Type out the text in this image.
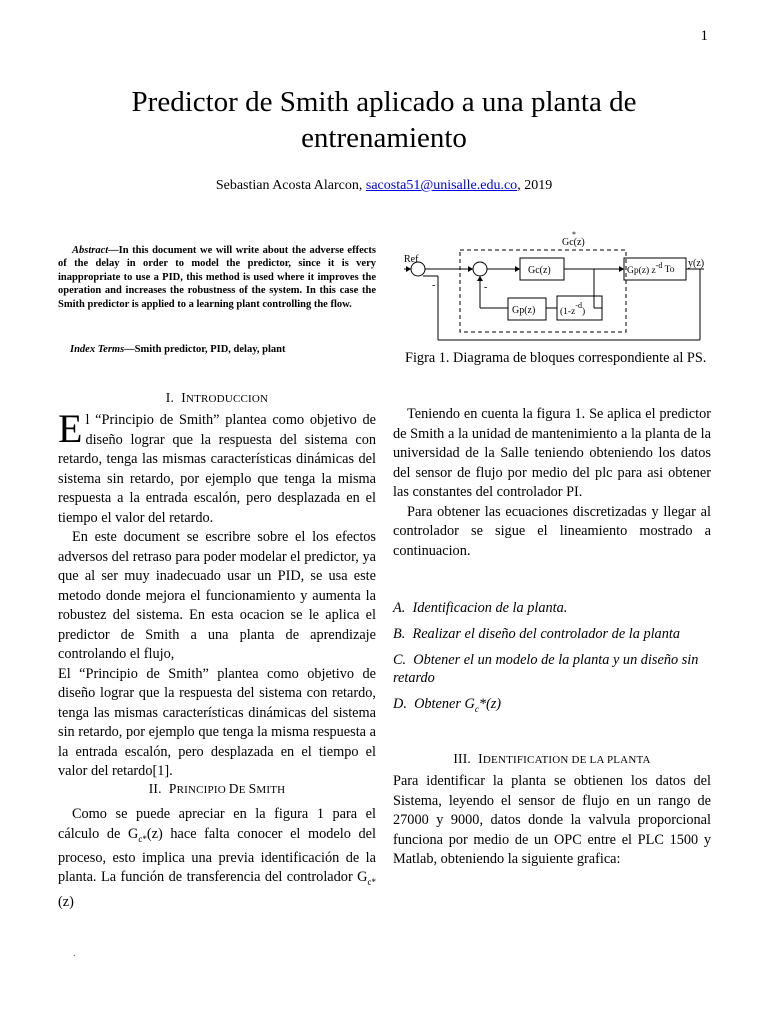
1
Predictor de Smith aplicado a una planta de entrenamiento
Sebastian Acosta Alarcon, sacosta51@unisalle.edu.co, 2019
Abstract—In this document we will write about the adverse effects of the delay in order to model the predictor, since it is very inappropriate to use a PID, this method is used where it improves the operation and increases the robustness of the system. In this case the Smith predictor is applied to a learning plant controlling the flow.
Index Terms—Smith predictor, PID, delay, plant
I. INTRODUCCION

El “Principio de Smith” plantea como objetivo de diseño lograr que la respuesta del sistema con retardo, tenga las mismas características dinámicas del sistema sin retardo, por ejemplo que tenga la misma respuesta a la entrada escalón, pero desplazada en el tiempo el valor del retardo.

En este document se escribre sobre el los efectos adversos del retraso para poder modelar el predictor, ya que al ser muy inadecuado usar un PID, se usa este metodo donde mejora el funcionamiento y aumenta la robustez del sistema. En esta ocacion se le aplica el predictor de Smith a una planta de aprendizaje controlando el flujo,

El “Principio de Smith” plantea como objetivo de diseño lograr que la respuesta del sistema con retardo, tenga las mismas características dinámicas del sistema sin retardo, por ejemplo que tenga la misma respuesta a la entrada escalón, pero desplazada en el tiempo el valor del retardo[1].

II. PRINCIPIO DE SMITH

Como se puede apreciar en la figura 1 para el cálculo de $G_{c*}(z)$ hace falta conocer el modelo del proceso, esto implica una previa identificación de la planta. La función de transferencia del controlador $G_{c*}(z)$

Gc(z)
*
Ref
Gc(z)	Gp(z) $z^{-d}$ To
y(z)
Gp(z)	$(1-z^{-d})$
-	-
Figra 1. Diagrama de bloques correspondiente al PS.

Teniendo en cuenta la figura 1. Se aplica el predictor de Smith a la unidad de mantenimiento a la planta de la universidad de la Salle teniendo obteniendo los datos del sensor de flujo por medio del plc para asi obtener las constantes del controlador PI.

Para obtener las ecuaciones discretizadas y llegar al controlador se sigue el lineamiento mostrado a continuacion.

A. Identificacion de la planta.
B. Realizar el diseño del controlador de la planta
C. Obtener el un modelo de la planta y un diseño sin retardo
D. Obtener $G_c*(z)$
III. IDENTIFICATION DE LA PLANTA

Para identificar la planta se obtienen los datos del Sistema, leyendo el sensor de flujo en un rango de 27000 y 9000, datos donde la valvula proporcional funciona por medio de un OPC entre el PLC 1500 y Matlab, obteniendo la siguiente grafica:

.
